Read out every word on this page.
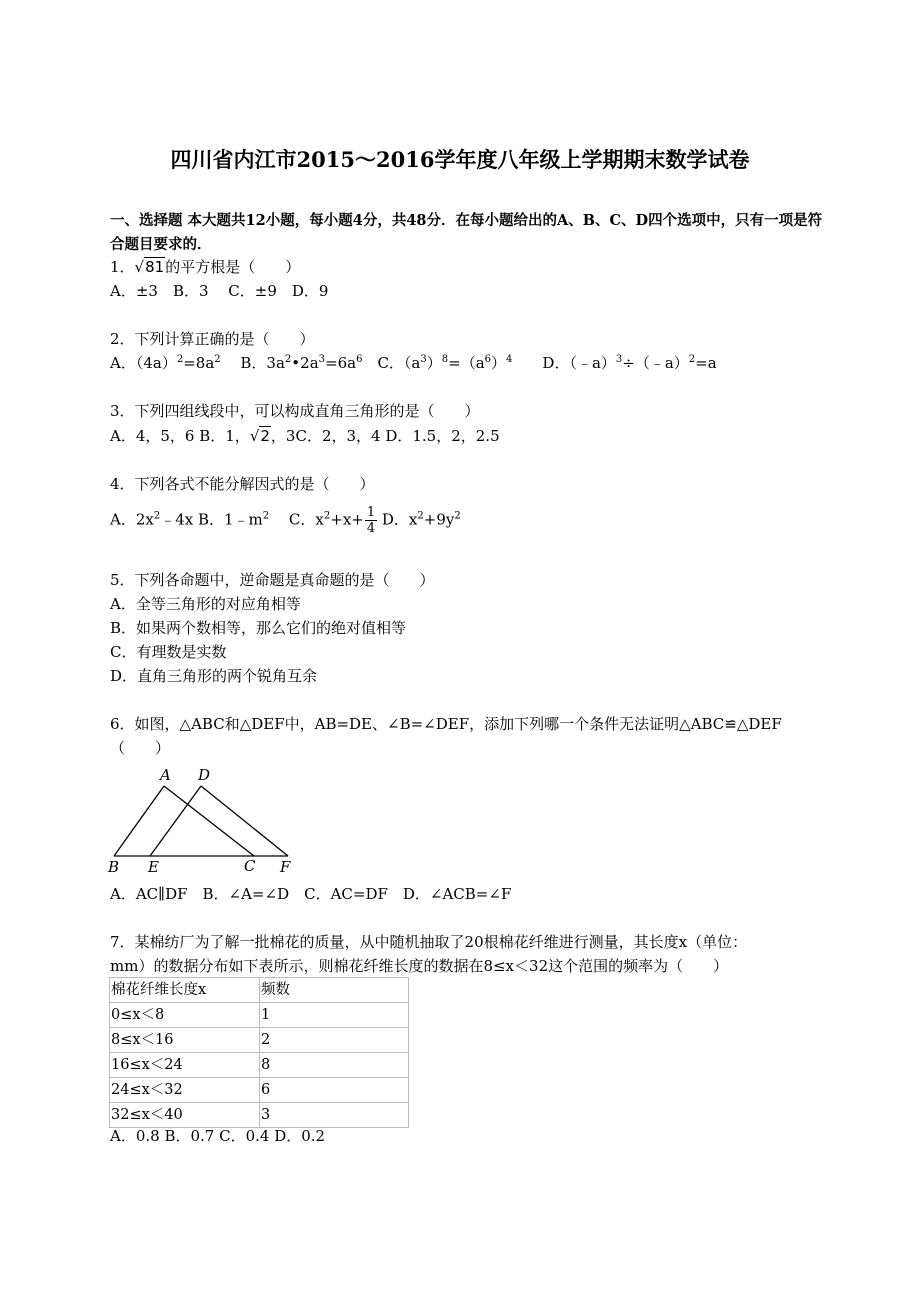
四川省内江市2015～2016学年度八年级上学期期末数学试卷
一、选择题 本大题共12小题，每小题4分，共48分．在每小题给出的A、B、C、D四个选项中，只有一项是符合题目要求的．
1．√81的平方根是（　　）
A．±3　B．3　 C．±9　D．9
2．下列计算正确的是（　　）
A．$(4a)^2=8a^2$　 B．$3a^2•2a^3=6a^6$　C．$(a^3)^8=(a^6)^4$　　D．（﹣a）$^3$÷（﹣a）$^2$=a
3．下列四组线段中，可以构成直角三角形的是（　　）
A．4，5，6 B．1，√2，3C．2，3，4 D．1.5，2，2.5
4．下列各式不能分解因式的是（　　）
A．$2x^2﹣4x$ B．$1﹣m^2$　 C．$x^2+x+ \frac{1}{4}$ D．$x^2+9y^2$
5．下列各命题中，逆命题是真命题的是（　　）
A．全等三角形的对应角相等
B．如果两个数相等，那么它们的绝对值相等
C．有理数是实数
D．直角三角形的两个锐角互余
6．如图，△ABC和△DEF中，AB=DE、∠B=∠DEF，添加下列哪一个条件无法证明△ABC≌△DEF
（　　）
A D
B E	C F
A．AC∥DF　B．∠A=∠D　C．AC=DF　D．∠ACB=∠F
7．某棉纺厂为了解一批棉花的质量，从中随机抽取了20根棉花纤维进行测量，其长度x（单位：
mm）的数据分布如下表所示，则棉花纤维长度的数据在8≤x＜32这个范围的频率为（　　）
棉花纤维长度x	频数
0≤x＜8	1
8≤x＜16	2
16≤x＜24	8
24≤x＜32	6
32≤x＜40	3
A．0.8 B．0.7 C．0.4 D．0.2
